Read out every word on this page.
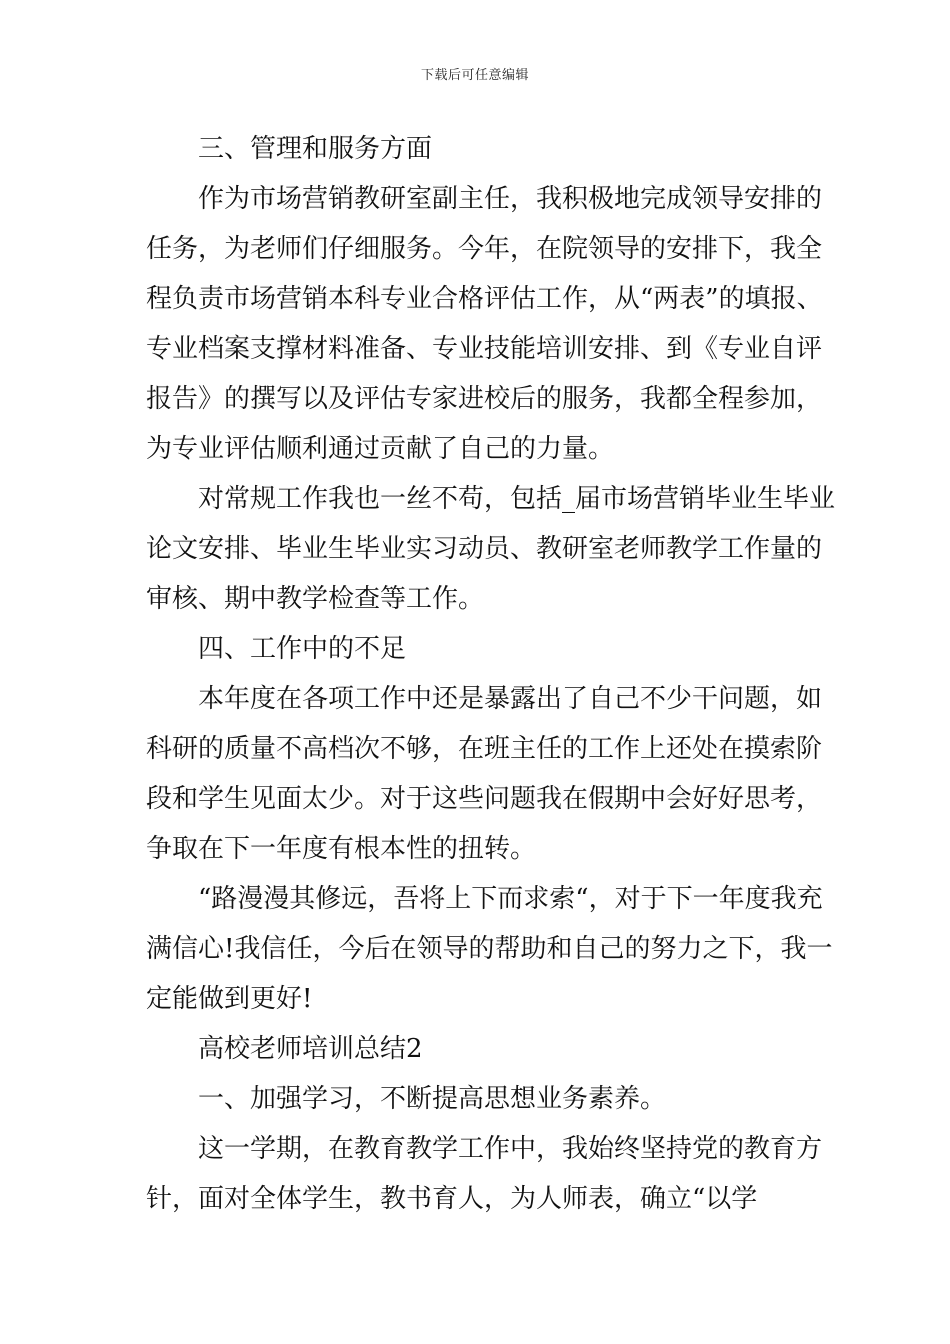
下载后可任意编辑

三、管理和服务方面

作为市场营销教研室副主任，我积极地完成领导安排的任务，为老师们仔细服务。今年，在院领导的安排下，我全程负责市场营销本科专业合格评估工作，从“两表”的填报、专业档案支撑材料准备、专业技能培训安排、到《专业自评报告》的撰写以及评估专家进校后的服务，我都全程参加，为专业评估顺利通过贡献了自己的力量。

对常规工作我也一丝不苟，包括_届市场营销毕业生毕业论文安排、毕业生毕业实习动员、教研室老师教学工作量的审核、期中教学检查等工作。

四、工作中的不足

本年度在各项工作中还是暴露出了自己不少干问题，如科研的质量不高档次不够，在班主任的工作上还处在摸索阶段和学生见面太少。对于这些问题我在假期中会好好思考，争取在下一年度有根本性的扭转。

“路漫漫其修远，吾将上下而求索“，对于下一年度我充满信心!我信任，今后在领导的帮助和自己的努力之下，我一定能做到更好!

高校老师培训总结2

一、加强学习，不断提高思想业务素养。

这一学期，在教育教学工作中，我始终坚持党的教育方针，面对全体学生，教书育人，为人师表，确立“以学
